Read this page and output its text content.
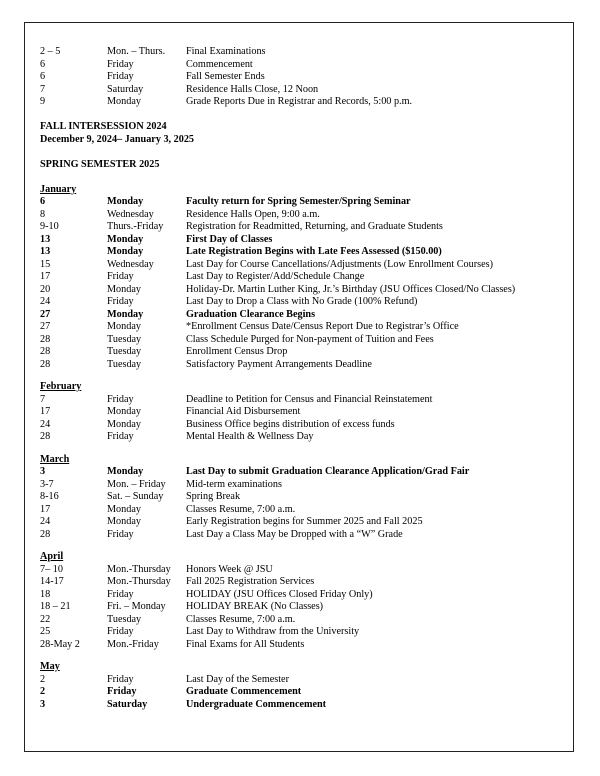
2 – 5	Mon. – Thurs.	Final Examinations
6	Friday	Commencement
6	Friday	Fall Semester Ends
7	Saturday	Residence Halls Close, 12 Noon
9	Monday	Grade Reports Due in Registrar and Records, 5:00 p.m.
FALL INTERSESSION 2024
December 9, 2024– January 3, 2025
SPRING SEMESTER 2025
January
6	Monday	Faculty return for Spring Semester/Spring Seminar
8	Wednesday	Residence Halls Open, 9:00 a.m.
9-10	Thurs.-Friday	Registration for Readmitted, Returning, and Graduate Students
13	Monday	First Day of Classes
13	Monday	Late Registration Begins with Late Fees Assessed ($150.00)
15	Wednesday	Last Day for Course Cancellations/Adjustments (Low Enrollment Courses)
17	Friday	Last Day to Register/Add/Schedule Change
20	Monday	Holiday-Dr. Martin Luther King, Jr.’s Birthday (JSU Offices Closed/No Classes)
24	Friday	Last Day to Drop a Class with No Grade (100% Refund)
27	Monday	Graduation Clearance Begins
27	Monday	*Enrollment Census Date/Census Report Due to Registrar’s Office
28	Tuesday	Class Schedule Purged for Non-payment of Tuition and Fees
28	Tuesday	Enrollment Census Drop
28	Tuesday	Satisfactory Payment Arrangements Deadline
February
7	Friday	Deadline to Petition for Census and Financial Reinstatement
17	Monday	Financial Aid Disbursement
24	Monday	Business Office begins distribution of excess funds
28	Friday	Mental Health & Wellness Day
March
3	Monday	Last Day to submit Graduation Clearance Application/Grad Fair
3-7	Mon. – Friday	Mid-term examinations
8-16	Sat. – Sunday	Spring Break
17	Monday	Classes Resume, 7:00 a.m.
24	Monday	Early Registration begins for Summer 2025 and Fall 2025
28	Friday	Last Day a Class May be Dropped with a “W” Grade
April
7– 10	Mon.-Thursday	Honors Week @ JSU
14-17	Mon.-Thursday	Fall 2025 Registration Services
18	Friday	HOLIDAY (JSU Offices Closed Friday Only)
18 – 21	Fri. – Monday	HOLIDAY BREAK (No Classes)
22	Tuesday	Classes Resume, 7:00 a.m.
25	Friday	Last Day to Withdraw from the University
28-May 2	Mon.-Friday	Final Exams for All Students
May
2	Friday	Last Day of the Semester
2	Friday	Graduate Commencement
3	Saturday	Undergraduate Commencement
